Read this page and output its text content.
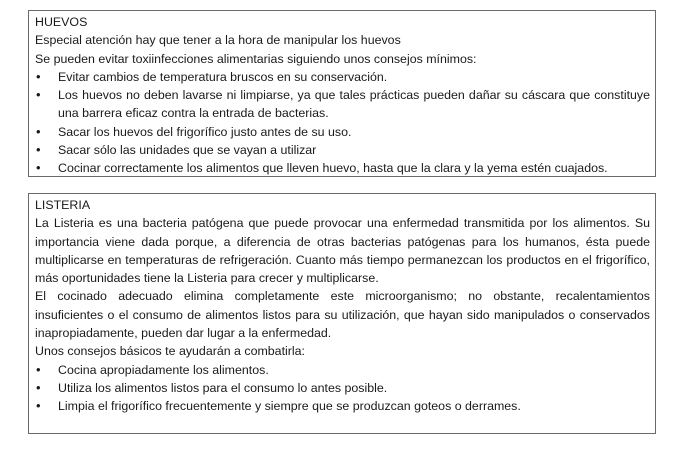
HUEVOS

Especial atención hay que tener a la hora de manipular los huevos

Se pueden evitar toxiinfecciones alimentarias siguiendo unos consejos mínimos:

• Evitar cambios de temperatura bruscos en su conservación.
• Los huevos no deben lavarse ni limpiarse, ya que tales prácticas pueden dañar su cáscara que constituye una barrera eficaz contra la entrada de bacterias.
• Sacar los huevos del frigorífico justo antes de su uso.
• Sacar sólo las unidades que se vayan a utilizar
• Cocinar correctamente los alimentos que lleven huevo, hasta que la clara y la yema estén cuajados.

LISTERIA

La Listeria es una bacteria patógena que puede provocar una enfermedad transmitida por los alimentos. Su importancia viene dada porque, a diferencia de otras bacterias patógenas para los humanos, ésta puede multiplicarse en temperaturas de refrigeración. Cuanto más tiempo permanezcan los productos en el frigorífico, más oportunidades tiene la Listeria para crecer y multiplicarse.

El cocinado adecuado elimina completamente este microorganismo; no obstante, recalentamientos insuficientes o el consumo de alimentos listos para su utilización, que hayan sido manipulados o conservados inapropiadamente, pueden dar lugar a la enfermedad.

Unos consejos básicos te ayudarán a combatirla:

• Cocina apropiadamente los alimentos.
• Utiliza los alimentos listos para el consumo lo antes posible.
• Limpia el frigorífico frecuentemente y siempre que se produzcan goteos o derrames.
